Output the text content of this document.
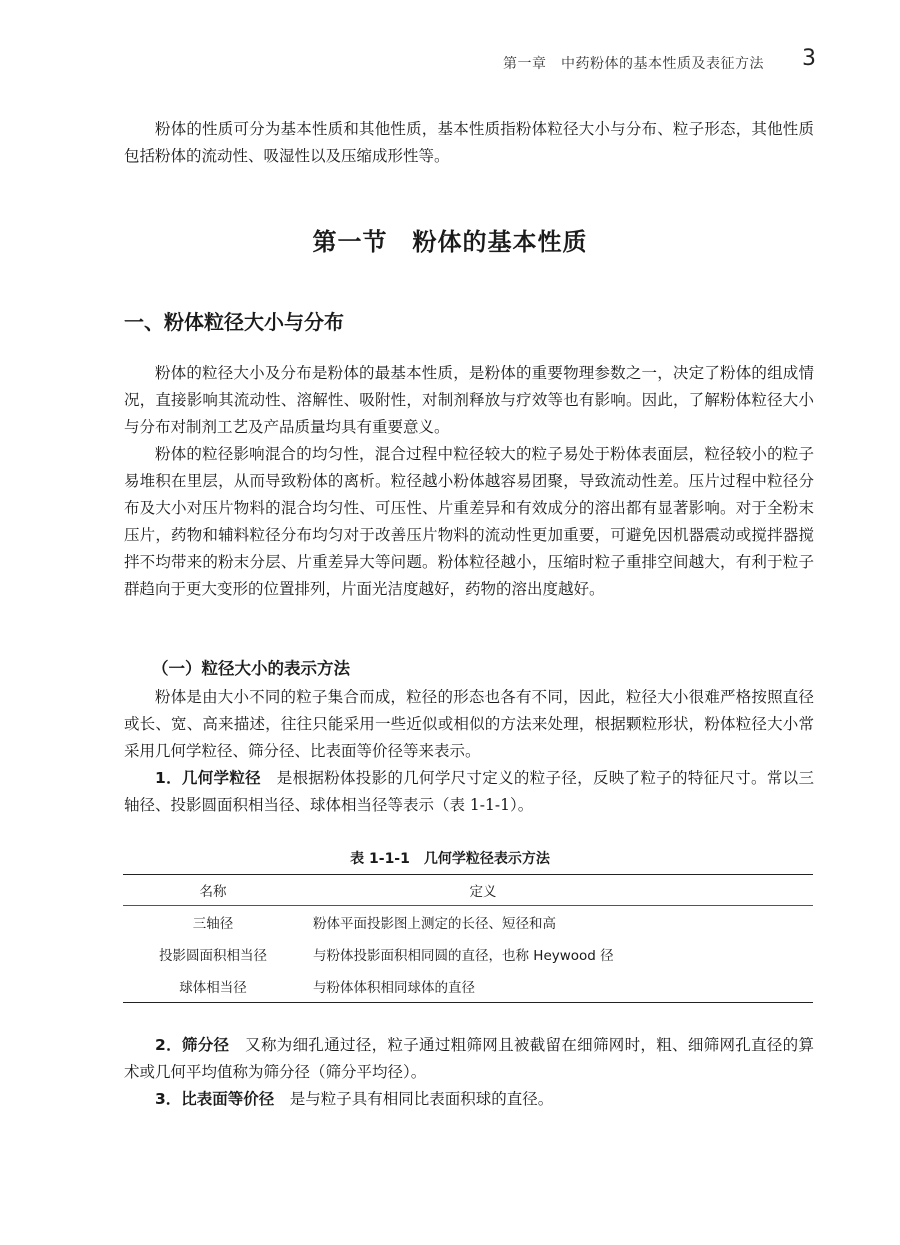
第一章　中药粉体的基本性质及表征方法 3

粉体的性质可分为基本性质和其他性质，基本性质指粉体粒径大小与分布、粒子形态，其他性质包括粉体的流动性、吸湿性以及压缩成形性等。

第一节　粉体的基本性质
一、粉体粒径大小与分布

粉体的粒径大小及分布是粉体的最基本性质，是粉体的重要物理参数之一，决定了粉体的组成情况，直接影响其流动性、溶解性、吸附性，对制剂释放与疗效等也有影响。因此，了解粉体粒径大小与分布对制剂工艺及产品质量均具有重要意义。

粉体的粒径影响混合的均匀性，混合过程中粒径较大的粒子易处于粉体表面层，粒径较小的粒子易堆积在里层，从而导致粉体的离析。粒径越小粉体越容易团聚，导致流动性差。压片过程中粒径分布及大小对压片物料的混合均匀性、可压性、片重差异和有效成分的溶出都有显著影响。对于全粉末压片，药物和辅料粒径分布均匀对于改善压片物料的流动性更加重要，可避免因机器震动或搅拌器搅拌不均带来的粉末分层、片重差异大等问题。粉体粒径越小，压缩时粒子重排空间越大，有利于粒子群趋向于更大变形的位置排列，片面光洁度越好，药物的溶出度越好。

（一）粒径大小的表示方法

粉体是由大小不同的粒子集合而成，粒径的形态也各有不同，因此，粒径大小很难严格按照直径或长、宽、高来描述，往往只能采用一些近似或相似的方法来处理，根据颗粒形状，粉体粒径大小常采用几何学粒径、筛分径、比表面等价径等来表示。

1．几何学粒径　是根据粉体投影的几何学尺寸定义的粒子径，反映了粒子的特征尺寸。常以三轴径、投影圆面积相当径、球体相当径等表示（表 1-1-1）。

表 1-1-1　几何学粒径表示方法
名称	定义
三轴径	粉体平面投影图上测定的长径、短径和高
投影圆面积相当径	与粉体投影面积相同圆的直径，也称 Heywood 径
球体相当径	与粉体体积相同球体的直径

2．筛分径　又称为细孔通过径，粒子通过粗筛网且被截留在细筛网时，粗、细筛网孔直径的算术或几何平均值称为筛分径（筛分平均径）。

3．比表面等价径　是与粒子具有相同比表面积球的直径。
